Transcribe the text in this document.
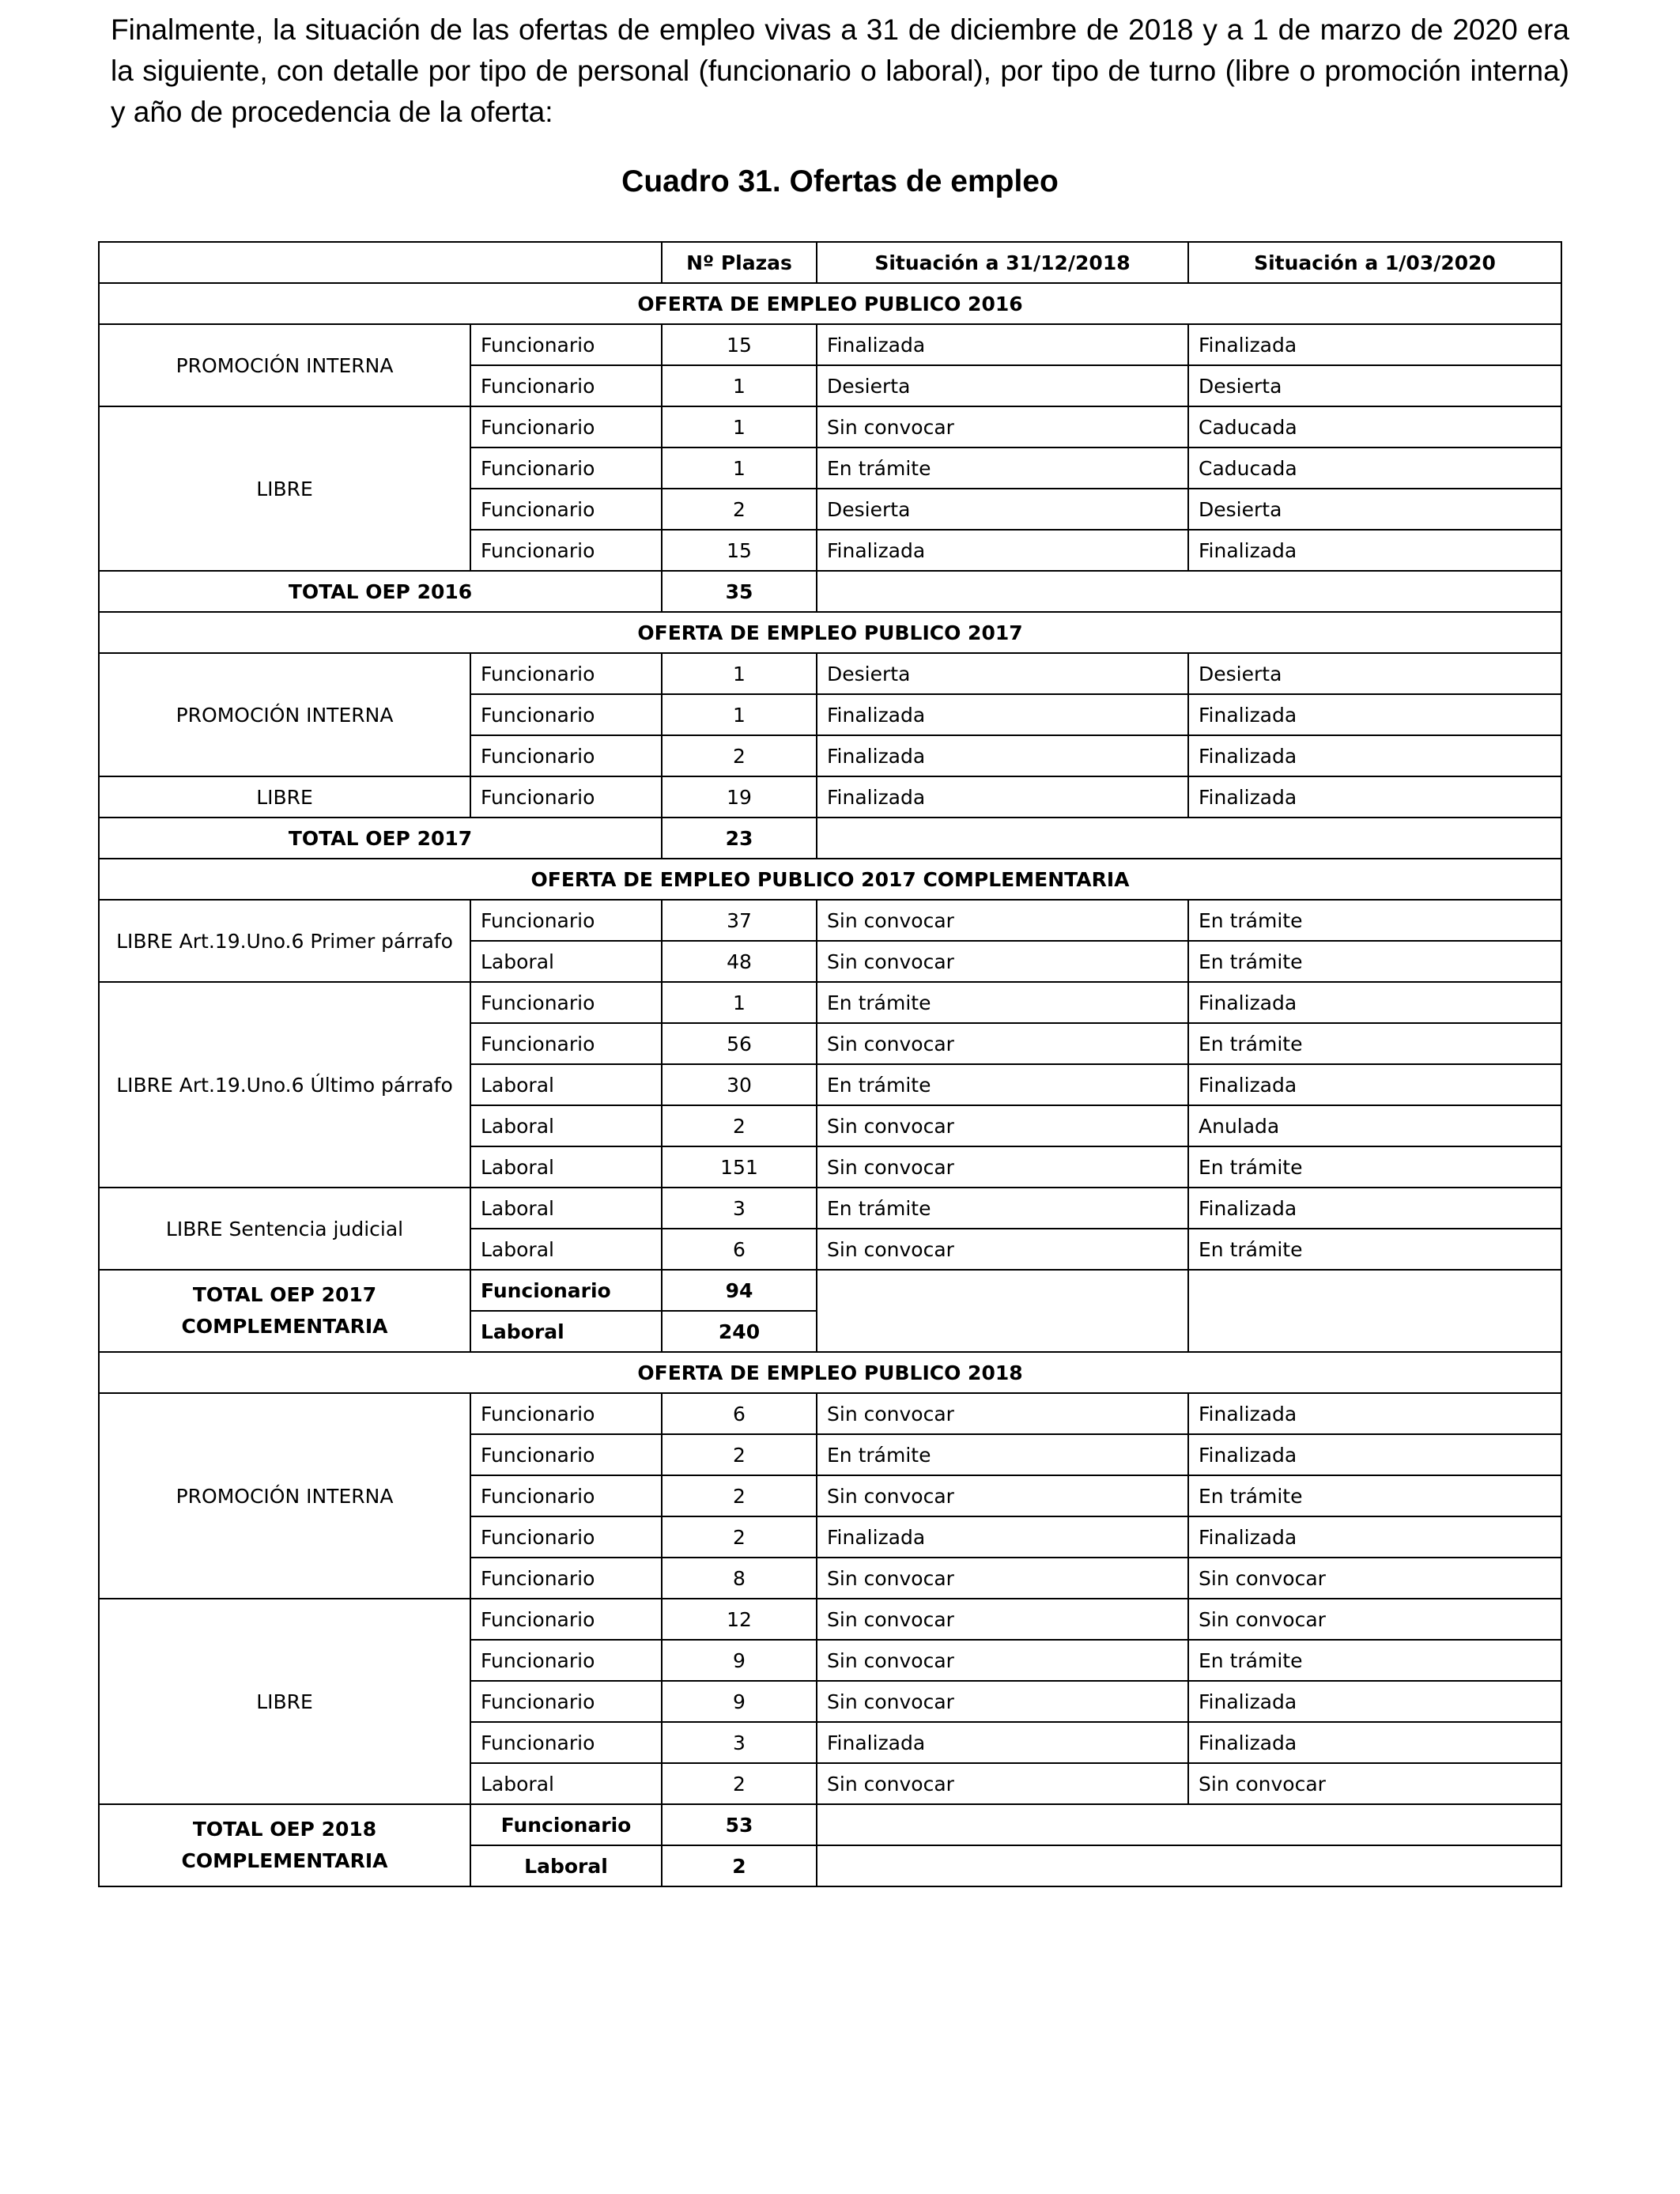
Finalmente, la situación de las ofertas de empleo vivas a 31 de diciembre de 2018 y a 1 de marzo de 2020 era la siguiente, con detalle por tipo de personal (funcionario o laboral), por tipo de turno (libre o promoción interna) y año de procedencia de la oferta:

Cuadro 31. Ofertas de empleo

		Nº Plazas	Situación a 31/12/2018	Situación a 1/03/2020
OFERTA DE EMPLEO PUBLICO 2016				
PROMOCIÓN INTERNA	Funcionario	15	Finalizada	Finalizada
	Funcionario	1	Desierta	Desierta
LIBRE	Funcionario	1	Sin convocar	Caducada
	Funcionario	1	En trámite	Caducada
	Funcionario	2	Desierta	Desierta
	Funcionario	15	Finalizada	Finalizada
TOTAL OEP 2016		35		
OFERTA DE EMPLEO PUBLICO 2017				
PROMOCIÓN INTERNA	Funcionario	1	Desierta	Desierta
	Funcionario	1	Finalizada	Finalizada
	Funcionario	2	Finalizada	Finalizada
LIBRE	Funcionario	19	Finalizada	Finalizada
TOTAL OEP 2017		23		
OFERTA DE EMPLEO PUBLICO 2017 COMPLEMENTARIA				
LIBRE Art.19.Uno.6 Primer párrafo	Funcionario	37	Sin convocar	En trámite
	Laboral	48	Sin convocar	En trámite
LIBRE Art.19.Uno.6 Último párrafo	Funcionario	1	En trámite	Finalizada
	Funcionario	56	Sin convocar	En trámite
	Laboral	30	En trámite	Finalizada
	Laboral	2	Sin convocar	Anulada
	Laboral	151	Sin convocar	En trámite
LIBRE Sentencia judicial	Laboral	3	En trámite	Finalizada
	Laboral	6	Sin convocar	En trámite

TOTAL OEP 2017
COMPLEMENTARIA	Funcionario	94		
	Laboral	240		
OFERTA DE EMPLEO PUBLICO 2018				
PROMOCIÓN INTERNA	Funcionario	6	Sin convocar	Finalizada
	Funcionario	2	En trámite	Finalizada
	Funcionario	2	Sin convocar	En trámite
	Funcionario	2	Finalizada	Finalizada
	Funcionario	8	Sin convocar	Sin convocar
LIBRE	Funcionario	12	Sin convocar	Sin convocar
	Funcionario	9	Sin convocar	En trámite
	Funcionario	9	Sin convocar	Finalizada
	Funcionario	3	Finalizada	Finalizada
	Laboral	2	Sin convocar	Sin convocar

TOTAL OEP 2018
COMPLEMENTARIA	Funcionario	53		
	Laboral	2		
